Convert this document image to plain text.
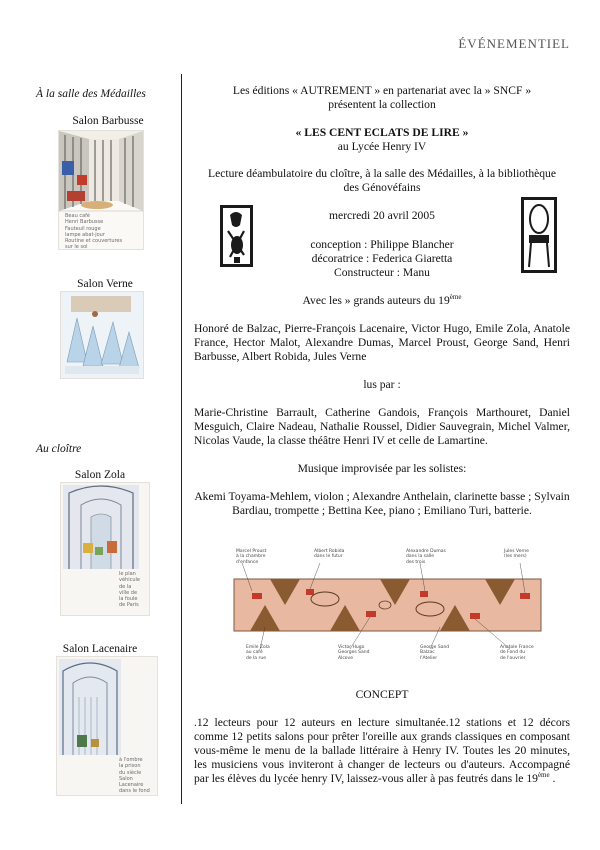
ÉVÉNEMENTIEL
À la salle des Médailles
Salon Barbusse
Beau café
Henri Barbusse
Fauteuil rouge
lampe abat-jour
Routine et couvertures
sur le sol
Salon Verne
Au cloître
Salon Zola
le plan
véhicule
de la
ville de
la foule
de Paris
Salon Lacenaire
à l'ombre
la prison
du siècle
Salon Lacenaire
dans le fond

Les éditions « AUTREMENT » en partenariat avec la » SNCF »

présentent la collection

« LES CENT ECLATS DE LIRE »

au Lycée Henry IV

Lecture déambulatoire du cloître, à la salle des Médailles, à la bibliothèque

des Génovéfains

mercredi 20 avril 2005

conception : Philippe Blancher

décoratrice : Federica Giaretta

Constructeur : Manu

Avec les » grands auteurs du 19ème

Honoré de Balzac, Pierre-François Lacenaire, Victor Hugo, Emile Zola, Anatole France, Hector Malot, Alexandre Dumas, Marcel Proust, George Sand, Henri Barbusse, Albert Robida, Jules Verne

lus par :

Marie-Christine Barrault, Catherine Gandois, François Marthouret, Daniel Mesguich, Claire Nadeau, Nathalie Roussel, Didier Sauvegrain, Michel Valmer, Nicolas Vaude, la classe théâtre Henri IV et celle de Lamartine.

Musique improvisée par les solistes:

Akemi Toyama-Mehlem, violon ; Alexandre Anthelain, clarinette basse ; Sylvain Bardiau, trompette ; Bettina Kee, piano ; Emiliano Turi, batterie.

Marcel Proust
à la chambre
d'enfance
Albert Robida
dans le futur
Alexandre Dumas
dans la salle
des trois
Jules Verne
(les mers)
Emile Zola
au café
de la rue
Victor Hugo
Georges Sand
Alcove
George Sand
Balzac
l'Atelier
Anatole France
de Fond du
de l'ouvrier

CONCEPT

.12 lecteurs pour 12 auteurs en lecture simultanée.12 stations et 12 décors comme 12 petits salons pour prêter l'oreille aux grands classiques en composant vous-même le menu de la ballade littéraire à Henry IV. Toutes les 20 minutes, les musiciens vous inviteront à changer de lecteurs ou d'auteurs. Accompagné par les élèves du lycée henry IV, laissez-vous aller à pas feutrés dans le 19ème .
